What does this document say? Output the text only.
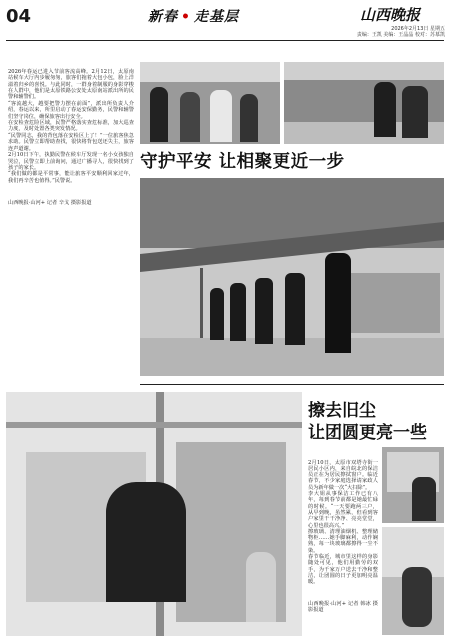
04	新春 • 走基层	山西晚报
2026年2月13日 星期五
责编：王凯 美编：王晶晶 校对：苏慕凯

2026年春运已进入节前客流高峰。2月12日，太原南站候车大厅内步履匆匆，旅客们拖着大包小包，脸上洋溢着归乡的喜悦。与此同时，一群身着制服的身影穿梭在人群中，他们是太原铁路公安处太原南站派出所的民警和辅警们。
“客流越大，越要把警力摆在前面”，派出所负责人介绍，春运以来，所里启动了春运安保勤务，民警和辅警们坚守岗位，确保旅客出行安全。
在安检查危险区域，民警严格落实查危标准，加大巡查力度，及时处置各类突发情况。
“民警同志，我的背包落在安检区上了！”一位旅客焦急求助。民警立即帮助查找，很快将背包送还失主，旅客连声道谢。
2月10日下午，执勤民警在候车厅发现一名小女孩独自哭泣，民警立即上前询问，通过广播寻人，很快找到了孩子的家长。
“我们做的都是平常事，能让旅客平安顺利回家过年，我们再辛苦也值得。”民警说。

山西晚报·山河+ 记者 辛戈 摄影报道

守护平安 让相聚更近一步
擦去旧尘
让团圆更亮一些

2月10日，太原市双塔寺街一居民小区内，来自皖北的保洁员正在为居民擦拭窗户。临近春节，不少家庭选择请家政人员为新年做一次“大扫除”。
李大姐从事保洁工作已有八年，每到春节前都是她最忙碌的时候。“一天要跑两三户，从早到晚，虽然累，但看到客户家里干干净净、亮亮堂堂，心里也很高兴。”
擦玻璃、清理油烟机、整理储物柜……她手脚麻利，动作娴熟，每一块玻璃都擦得一尘不染。
春节临近，城市里这样的身影随处可见，他们用勤劳的双手，为千家万户送去干净和整洁，让团圆的日子更加明亮温暖。

山西晚报·山河+ 记者 韩冰 摄影报道
